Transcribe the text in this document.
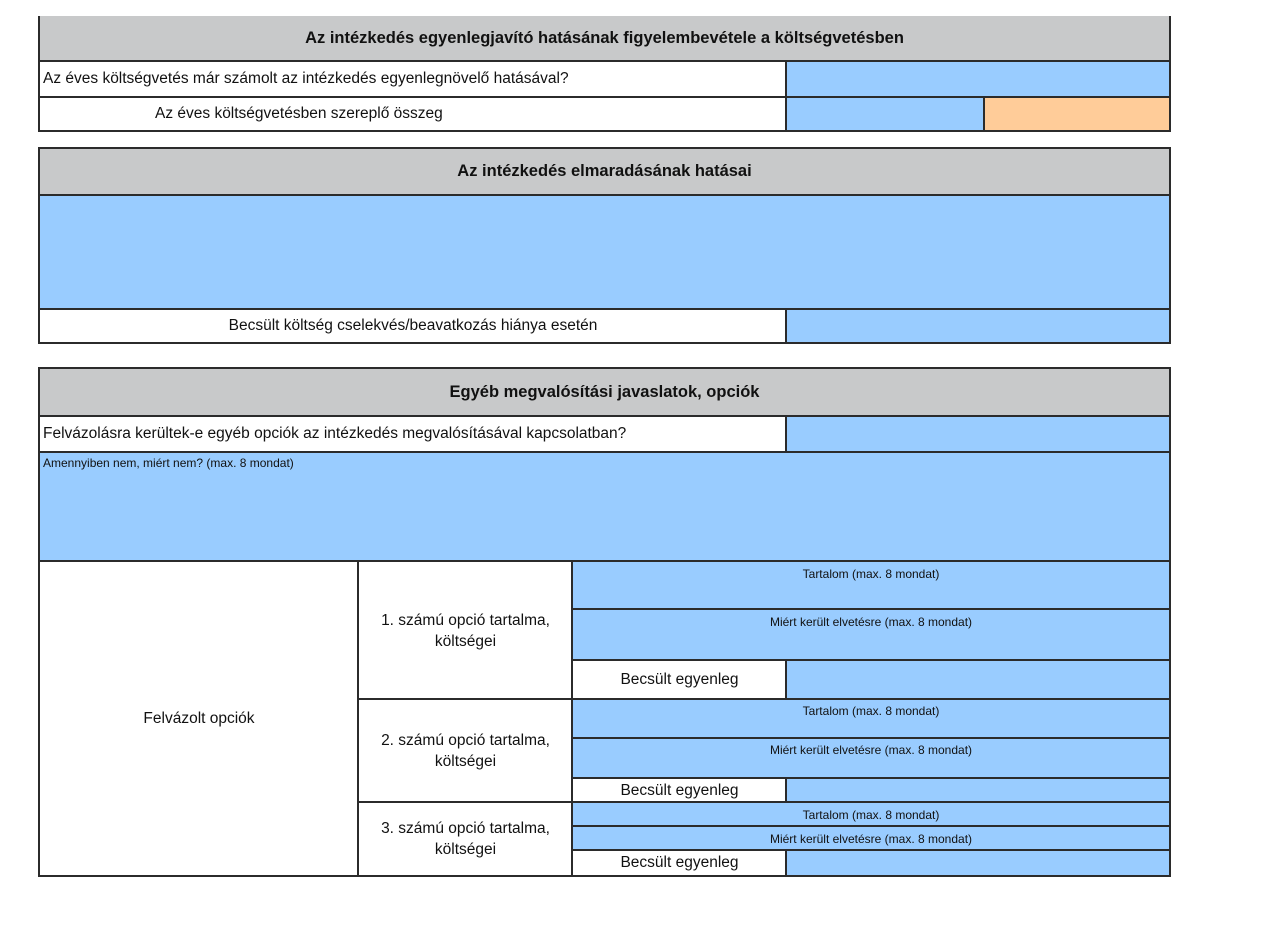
Az intézkedés egyenlegjavító hatásának figyelembevétele a költségvetésben
Az éves költségvetés már számolt az intézkedés egyenlegnövelő hatásával?
Az éves költségvetésben szereplő összeg
Az intézkedés elmaradásának hatásai
Becsült költség cselekvés/beavatkozás hiánya esetén
Egyéb megvalósítási javaslatok, opciók
Felvázolásra kerültek-e egyéb opciók az intézkedés megvalósításával kapcsolatban?
Amennyiben nem, miért nem? (max. 8 mondat)
Felvázolt opciók
1. számú opció tartalma, költségei
Tartalom (max. 8 mondat)
Miért került elvetésre (max. 8 mondat)
Becsült egyenleg
2. számú opció tartalma, költségei
Tartalom (max. 8 mondat)
Miért került elvetésre (max. 8 mondat)
Becsült egyenleg
3. számú opció tartalma, költségei
Tartalom (max. 8 mondat)
Miért került elvetésre (max. 8 mondat)
Becsült egyenleg
